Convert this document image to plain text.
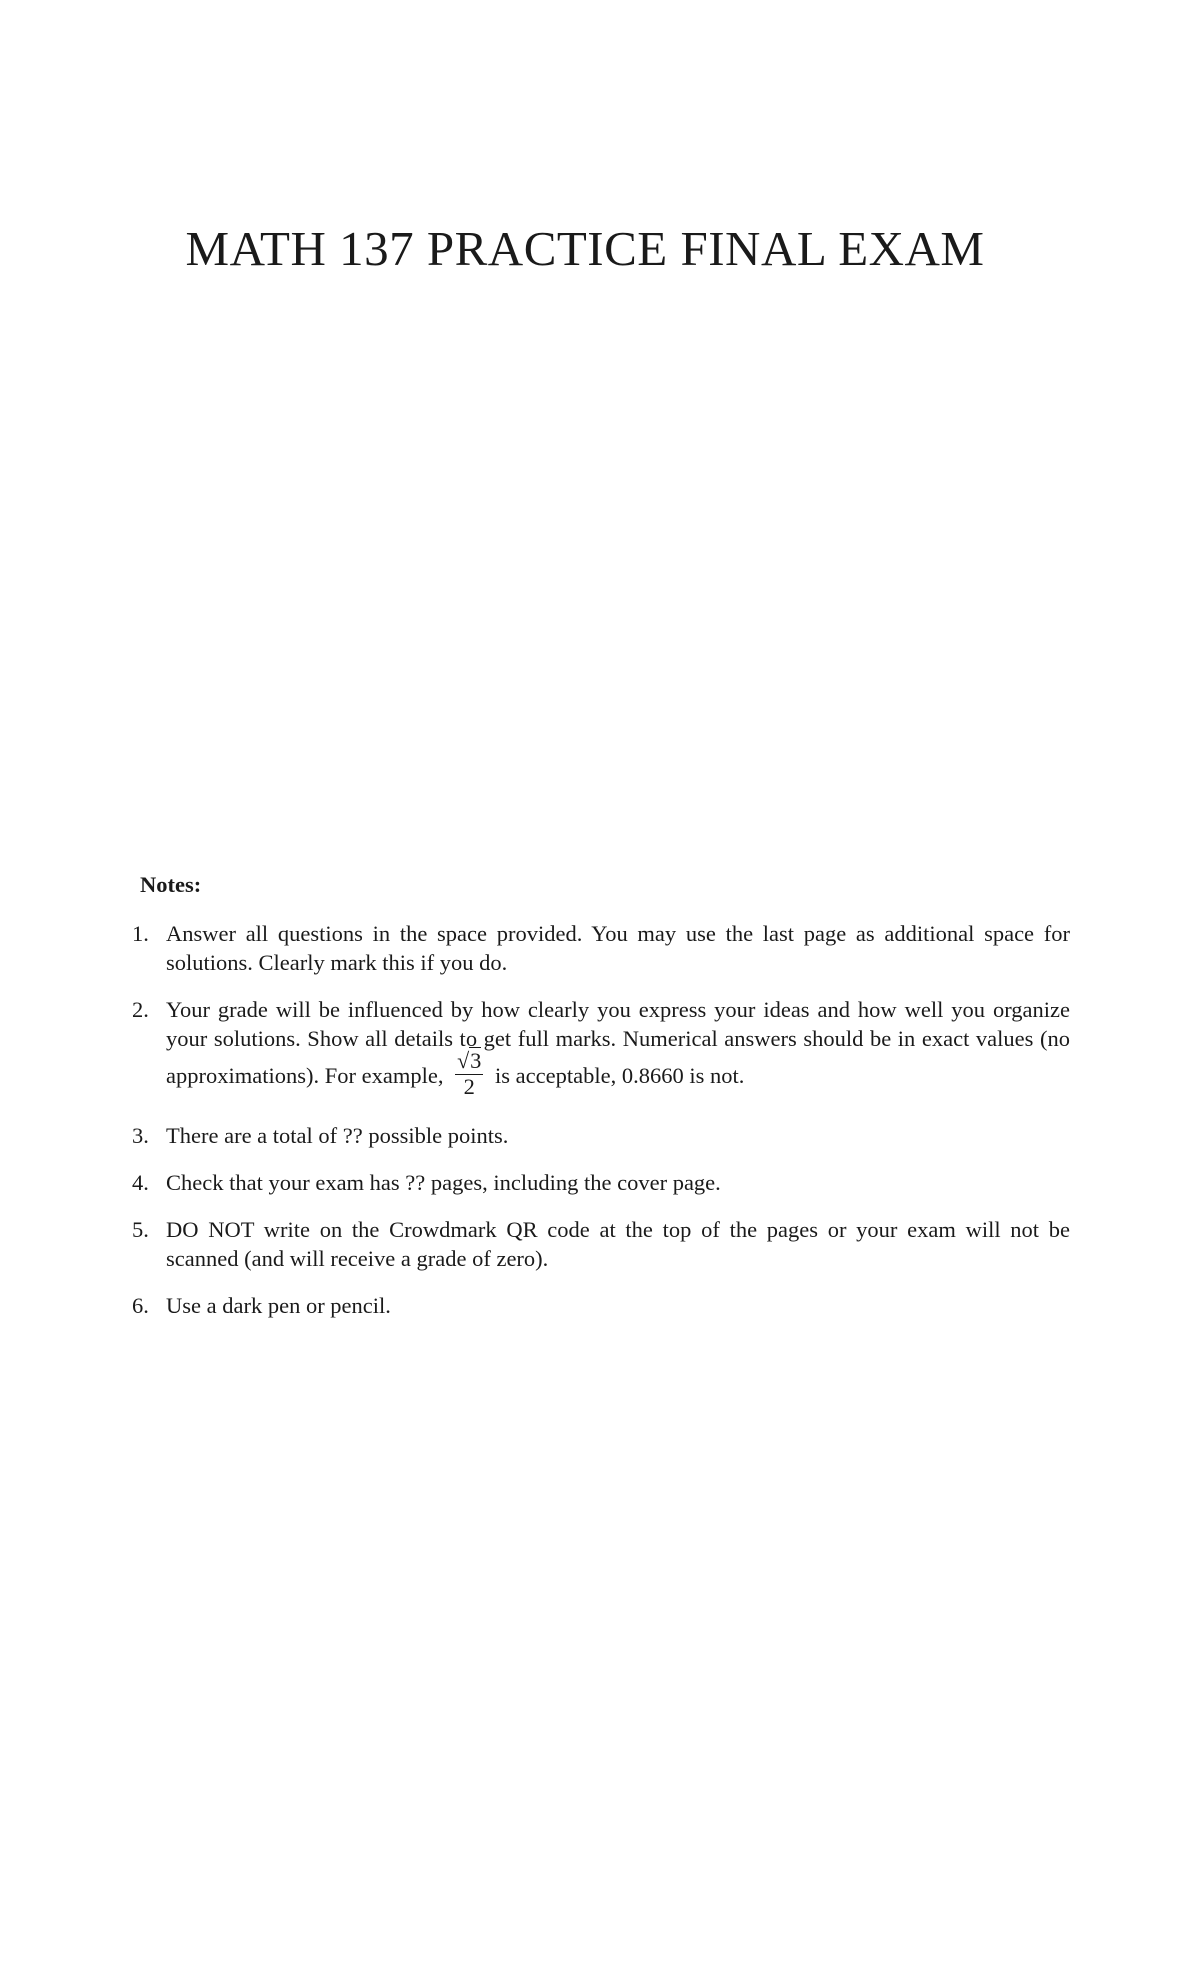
MATH 137 PRACTICE FINAL EXAM
Notes:
1. Answer all questions in the space provided. You may use the last page as additional space for solutions. Clearly mark this if you do.
2. Your grade will be influenced by how clearly you express your ideas and how well you organize your solutions. Show all details to get full marks. Numerical answers should be in exact values (no approximations). For example, $\frac{√3}{2}$ is acceptable, 0.8660 is not.
3. There are a total of ?? possible points.
4. Check that your exam has ?? pages, including the cover page.
5. DO NOT write on the Crowdmark QR code at the top of the pages or your exam will not be scanned (and will receive a grade of zero).
6. Use a dark pen or pencil.
